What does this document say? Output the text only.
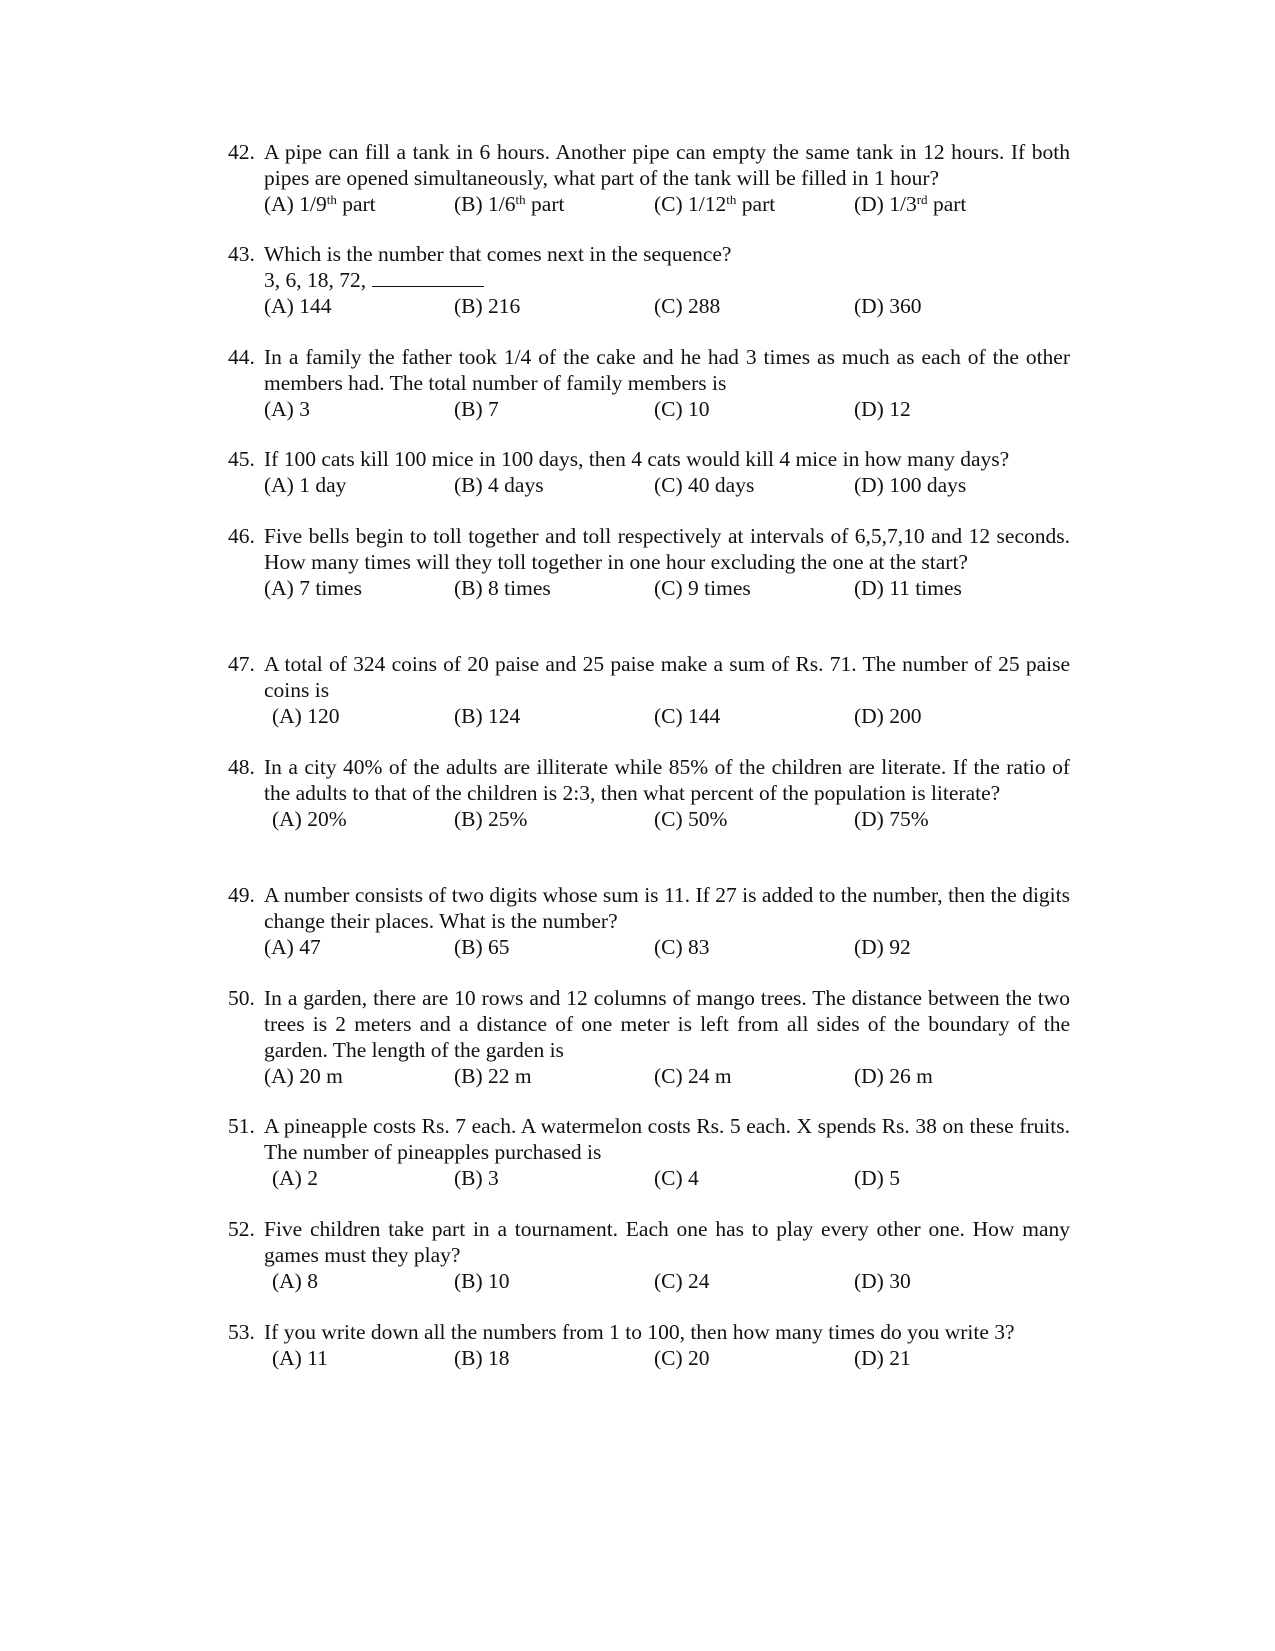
42. A pipe can fill a tank in 6 hours. Another pipe can empty the same tank in 12 hours. If both pipes are opened simultaneously, what part of the tank will be filled in 1 hour?
(A) 1/9th part	(B) 1/6th part	(C) 1/12th part	(D) 1/3rd part
43. Which is the number that comes next in the sequence?
3, 6, 18, 72,
(A) 144	(B) 216	(C) 288	(D) 360
44. In a family the father took 1/4 of the cake and he had 3 times as much as each of the other members had. The total number of family members is
(A) 3	(B) 7	(C) 10	(D) 12
45. If 100 cats kill 100 mice in 100 days, then 4 cats would kill 4 mice in how many days?
(A) 1 day	(B) 4 days	(C) 40 days	(D) 100 days
46. Five bells begin to toll together and toll respectively at intervals of 6,5,7,10 and 12 seconds. How many times will they toll together in one hour excluding the one at the start?
(A) 7 times	(B) 8 times	(C) 9 times	(D) 11 times
47. A total of 324 coins of 20 paise and 25 paise make a sum of Rs. 71. The number of 25 paise coins is
(A) 120	(B) 124	(C) 144	(D) 200
48. In a city 40% of the adults are illiterate while 85% of the children are literate. If the ratio of the adults to that of the children is 2:3, then what percent of the population is literate?
(A) 20%	(B) 25%	(C) 50%	(D) 75%
49. A number consists of two digits whose sum is 11. If 27 is added to the number, then the digits change their places. What is the number?
(A) 47	(B) 65	(C) 83	(D) 92
50. In a garden, there are 10 rows and 12 columns of mango trees. The distance between the two trees is 2 meters and a distance of one meter is left from all sides of the boundary of the garden. The length of the garden is
(A) 20 m	(B) 22 m	(C) 24 m	(D) 26 m
51. A pineapple costs Rs. 7 each. A watermelon costs Rs. 5 each. X spends Rs. 38 on these fruits. The number of pineapples purchased is
(A) 2	(B) 3	(C) 4	(D) 5
52. Five children take part in a tournament. Each one has to play every other one. How many games must they play?
(A) 8	(B) 10	(C) 24	(D) 30
53. If you write down all the numbers from 1 to 100, then how many times do you write 3?
(A) 11	(B) 18	(C) 20	(D) 21
